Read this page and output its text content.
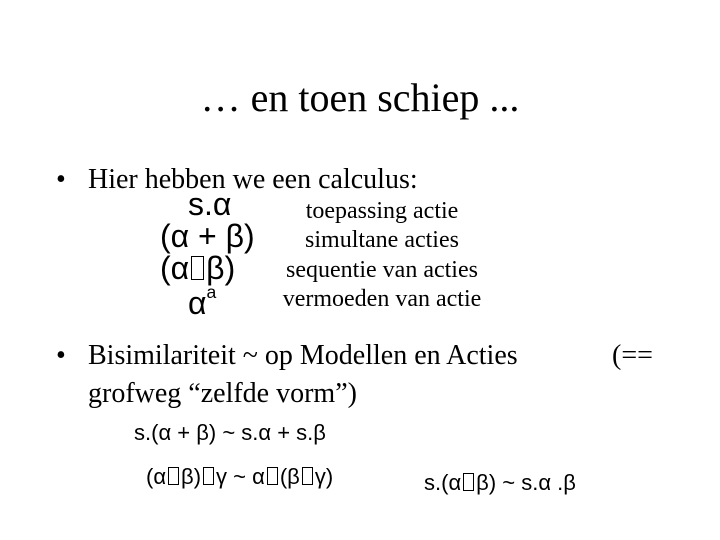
… en toen schiep ...
• Hier hebben we een calculus:
s.α
(α + β)
(α β)
$\alpha^a$
toepassing actie
simultane acties
sequentie van acties
vermoeden van actie
• Bisimilariteit ~ op Modellen en Acties	(==
grofweg “zelfde vorm”)
s.(α + β) ~ s.α + s.β
(α β) γ ~ α (β γ)	s.(α β) ~ s.α .β
